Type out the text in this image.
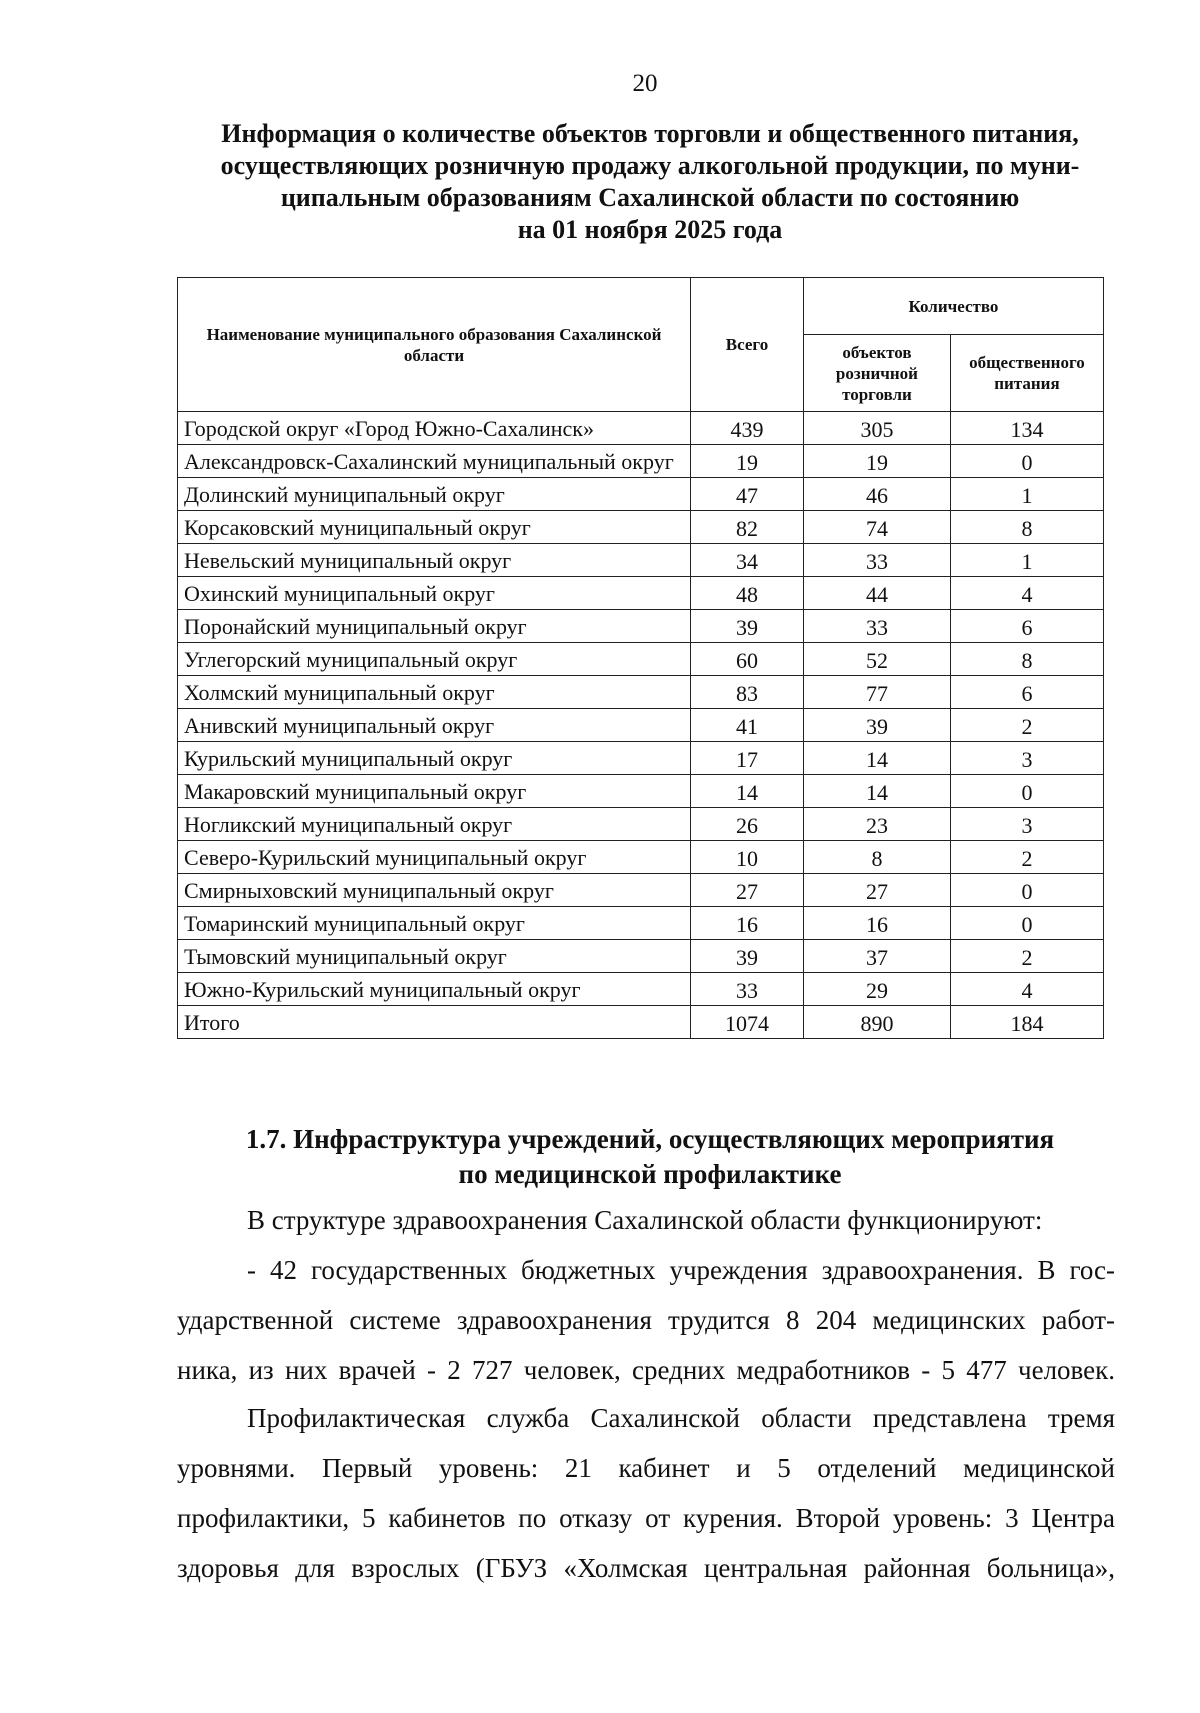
20
Информация о количестве объектов торговли и общественного питания,
осуществляющих розничную продажу алкогольной продукции, по муни-
ципальным образованиям Сахалинской области по состоянию
на 01 ноября 2025 года
Наименование муниципального образования Сахалинской области	Всего	Количество	
		объектов розничной торговли	общественного питания
Городской округ «Город Южно-Сахалинск»	439	305	134
Александровск-Сахалинский муниципальный округ	19	19	0
Долинский муниципальный округ	47	46	1
Корсаковский муниципальный округ	82	74	8
Невельский муниципальный округ	34	33	1
Охинский муниципальный округ	48	44	4
Поронайский муниципальный округ	39	33	6
Углегорский муниципальный округ	60	52	8
Холмский муниципальный округ	83	77	6
Анивский муниципальный округ	41	39	2
Курильский муниципальный округ	17	14	3
Макаровский муниципальный округ	14	14	0
Ногликский муниципальный округ	26	23	3
Северо-Курильский муниципальный округ	10	8	2
Смирныховский муниципальный округ	27	27	0
Томаринский муниципальный округ	16	16	0
Тымовский муниципальный округ	39	37	2
Южно-Курильский муниципальный округ	33	29	4
Итого	1074	890	184
1.7. Инфраструктура учреждений, осуществляющих мероприятия
по медицинской профилактике
В структуре здравоохранения Сахалинской области функционируют:
- 42 государственных бюджетных учреждения здравоохранения. В гос-
ударственной системе здравоохранения трудится 8 204 медицинских работ-
ника, из них врачей - 2 727 человек, средних медработников - 5 477 человек.
Профилактическая служба Сахалинской области представлена тремя
уровнями. Первый уровень: 21 кабинет и 5 отделений медицинской
профилактики, 5 кабинетов по отказу от курения. Второй уровень: 3 Центра
здоровья для взрослых (ГБУЗ «Холмская центральная районная больница»,
